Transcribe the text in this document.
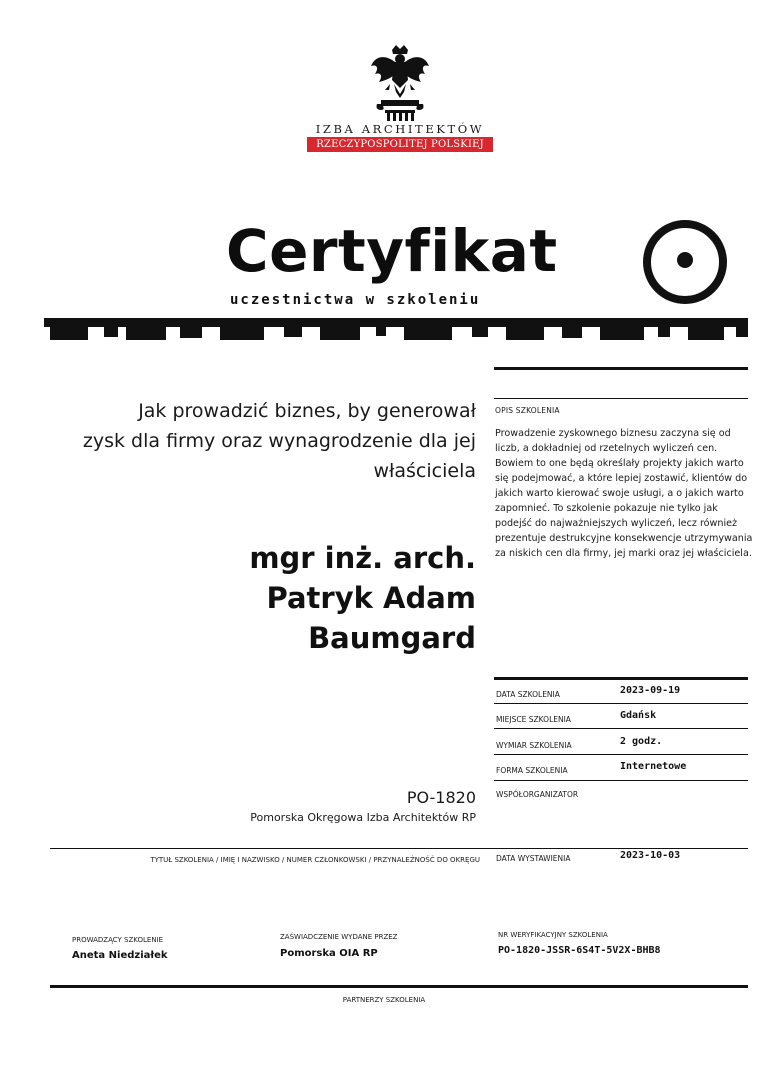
IZBA ARCHITEKTÓW
RZECZYPOSPOLITEJ POLSKIEJ
Certyfikat
uczestnictwa w szkoleniu
Jak prowadzić biznes, by generował
zysk dla firmy oraz wynagrodzenie dla jej
właściciela
mgr inż. arch.
Patryk Adam
Baumgard
PO-1820
Pomorska Okręgowa Izba Architektów RP
OPIS SZKOLENIA
Prowadzenie zyskownego biznesu zaczyna się od liczb, a dokładniej od rzetelnych wyliczeń cen. Bowiem to one będą określały projekty jakich warto się podejmować, a które lepiej zostawić, klientów do jakich warto kierować swoje usługi, a o jakich warto zapomnieć. To szkolenie pokazuje nie tylko jak podejść do najważniejszych wyliczeń, lecz również prezentuje destrukcyjne konsekwencje utrzymywania za niskich cen dla firmy, jej marki oraz jej właściciela.
DATA SZKOLENIA	2023-09-19
MIEJSCE SZKOLENIA	Gdańsk
WYMIAR SZKOLENIA	2 godz.
FORMA SZKOLENIA	Internetowe
WSPÓŁORGANIZATOR
TYTUŁ SZKOLENIA / IMIĘ I NAZWISKO / NUMER CZŁONKOWSKI / PRZYNALEŻNOŚĆ DO OKRĘGU DATA WYSTAWIENIA	2023-10-03
PROWADZĄCY SZKOLENIE
Aneta Niedziałek
ZAŚWIADCZENIE WYDANE PRZEZ
Pomorska OIA RP
NR WERYFIKACYJNY SZKOLENIA
PO-1820-JSSR-6S4T-5V2X-BHB8
PARTNERZY SZKOLENIA
